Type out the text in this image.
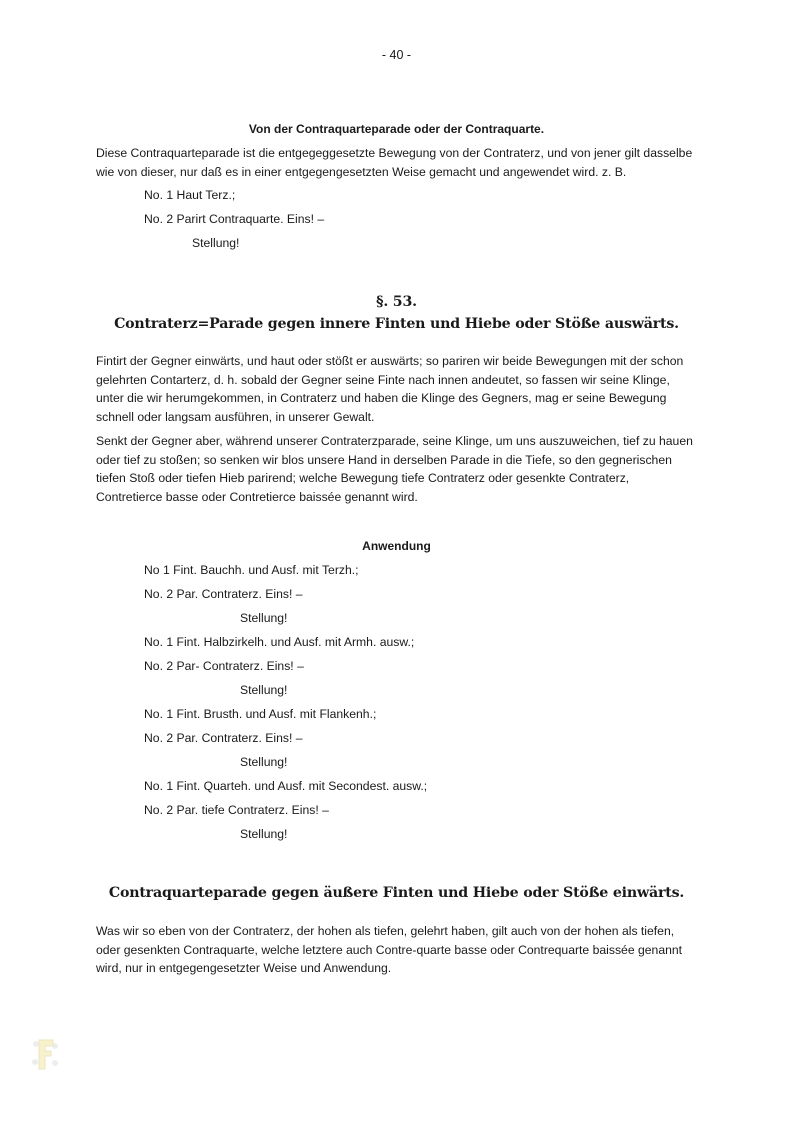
- 40 -
Von der Contraquarteparade oder der Contraquarte.
Diese Contraquarteparade ist die entgegeggesetzte Bewegung von der Contraterz, und von jener gilt dasselbe
wie von dieser, nur daß es in einer entgegengesetzten Weise gemacht und angewendet wird. z. B.
No. 1 Haut Terz.;
No. 2 Parirt Contraquarte. Eins! –
Stellung!
§. 53.
Contraterz=Parade gegen innere Finten und Hiebe oder Stöße auswärts.
Fintirt der Gegner einwärts, und haut oder stößt er auswärts; so pariren wir beide Bewegungen mit der schon
gelehrten Contarterz, d. h. sobald der Gegner seine Finte nach innen andeutet, so fassen wir seine Klinge,
unter die wir herumgekommen, in Contraterz und haben die Klinge des Gegners, mag er seine Bewegung
schnell oder langsam ausführen, in unserer Gewalt.
Senkt der Gegner aber, während unserer Contraterzparade, seine Klinge, um uns auszuweichen, tief zu hauen
oder tief zu stoßen; so senken wir blos unsere Hand in derselben Parade in die Tiefe, so den gegnerischen
tiefen Stoß oder tiefen Hieb parirend; welche Bewegung tiefe Contraterz oder gesenkte Contraterz,
Contretierce basse oder Contretierce baissée genannt wird.
Anwendung
No 1 Fint. Bauchh. und Ausf. mit Terzh.;
No. 2 Par. Contraterz. Eins! –
Stellung!
No. 1 Fint. Halbzirkelh. und Ausf. mit Armh. ausw.;
No. 2 Par- Contraterz. Eins! –
Stellung!
No. 1 Fint. Brusth. und Ausf. mit Flankenh.;
No. 2 Par. Contraterz. Eins! –
Stellung!
No. 1 Fint. Quarteh. und Ausf. mit Secondest. ausw.;
No. 2 Par. tiefe Contraterz. Eins! –
Stellung!
Contraquarteparade gegen äußere Finten und Hiebe oder Stöße einwärts.
Was wir so eben von der Contraterz, der hohen als tiefen, gelehrt haben, gilt auch von der hohen als tiefen,
oder gesenkten Contraquarte, welche letztere auch Contre-quarte basse oder Contrequarte baissée genannt
wird, nur in entgegengesetzter Weise und Anwendung.
